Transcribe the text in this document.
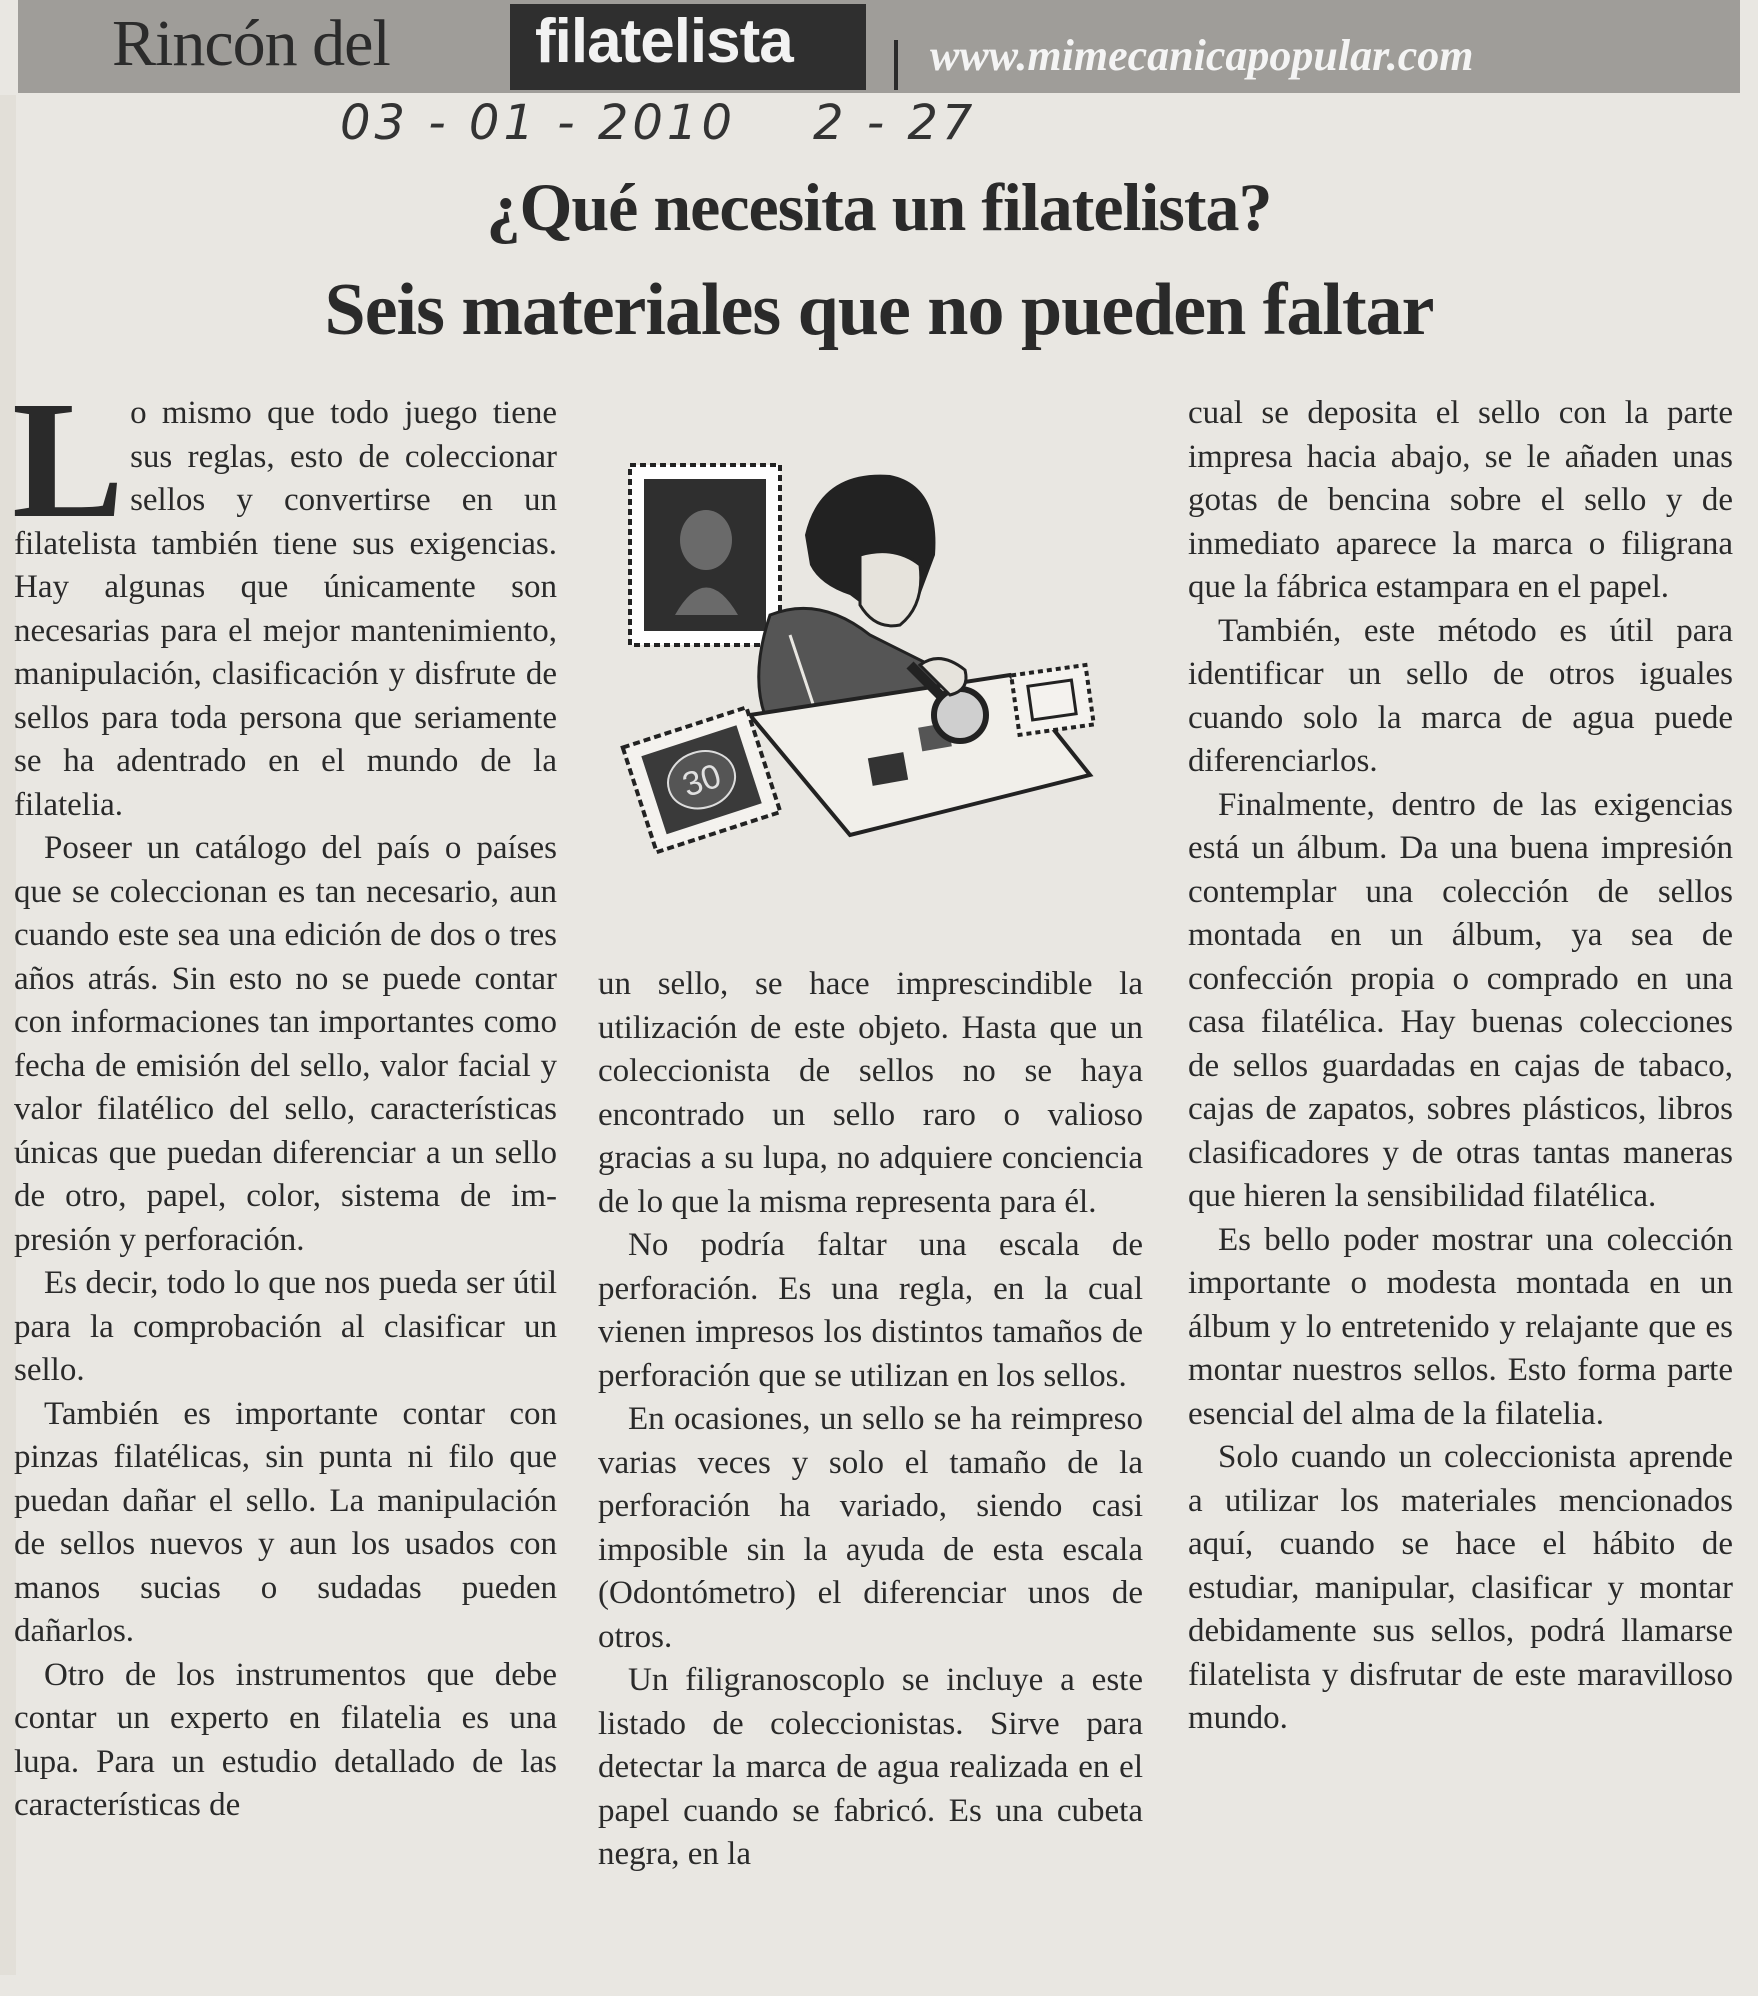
Rincón del filatelista	www.mimecanicapopular.com
03 - 01 - 2010    2 - 27
¿Qué necesita un filatelista?
Seis materiales que no pueden faltar
30

Lo mismo que todo juego tiene sus reglas, esto de coleccionar sellos y convertirse en un filatelista también tiene sus exigencias. Hay algunas que únicamente son necesarias para el mejor mantenimiento, manipulación, clasificación y disfrute de sellos para toda persona que seriamente se ha adentrado en el mundo de la filatelia.

Poseer un catálogo del país o países que se coleccionan es tan necesario, aun cuando este sea una edición de dos o tres años atrás. Sin esto no se puede contar con informaciones tan importantes como fecha de emisión del sello, valor facial y valor filatélico del sello, características únicas que puedan diferenciar a un sello de otro, papel, color, sistema de impresión y perforación.

Es decir, todo lo que nos pueda ser útil para la comprobación al clasificar un sello.

También es importante contar con pinzas filatélicas, sin punta ni filo que puedan dañar el sello. La manipulación de sellos nuevos y aun los usados con manos sucias o sudadas pueden dañarlos.

Otro de los instrumentos que debe contar un experto en filatelia es una lupa. Para un estudio detallado de las características de

un sello, se hace imprescindible la utilización de este objeto. Hasta que un coleccionista de sellos no se haya encontrado un sello raro o valioso gracias a su lupa, no adquiere conciencia de lo que la misma representa para él.

No podría faltar una escala de perforación. Es una regla, en la cual vienen impresos los distintos tamaños de perforación que se utilizan en los sellos.

En ocasiones, un sello se ha reimpreso varias veces y solo el tamaño de la perforación ha variado, siendo casi imposible sin la ayuda de esta escala (Odontómetro) el diferenciar unos de otros.

Un filigranoscoplo se incluye a este listado de coleccionistas. Sirve para detectar la marca de agua realizada en el papel cuando se fabricó. Es una cubeta negra, en la

cual se deposita el sello con la parte impresa hacia abajo, se le añaden unas gotas de bencina sobre el sello y de inmediato aparece la marca o filigrana que la fábrica estampara en el papel.

También, este método es útil para identificar un sello de otros iguales cuando solo la marca de agua puede diferenciarlos.

Finalmente, dentro de las exigencias está un álbum. Da una buena impresión contemplar una colección de sellos montada en un álbum, ya sea de confección propia o comprado en una casa filatélica. Hay buenas colecciones de sellos guardadas en cajas de tabaco, cajas de zapatos, sobres plásticos, libros clasificadores y de otras tantas maneras que hieren la sensibilidad filatélica.

Es bello poder mostrar una colección importante o modesta montada en un álbum y lo entretenido y relajante que es montar nuestros sellos. Esto forma parte esencial del alma de la filatelia.

Solo cuando un coleccionista aprende a utilizar los materiales mencionados aquí, cuando se hace el hábito de estudiar, manipular, clasificar y montar debidamente sus sellos, podrá llamarse filatelista y disfrutar de este maravilloso mundo.
